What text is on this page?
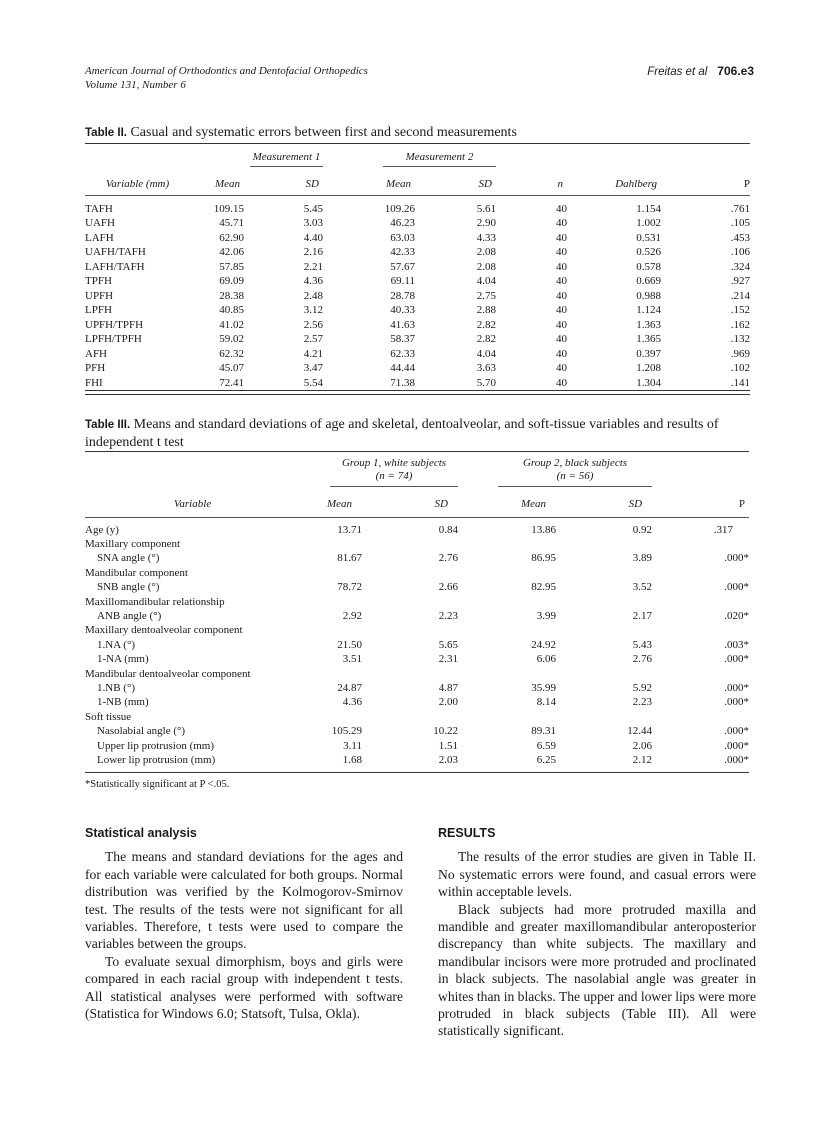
American Journal of Orthodontics and Dentofacial Orthopedics
Volume 131, Number 6
Freitas et al 706.e3
Table II. Casual and systematic errors between first and second measurements

	Measurement 1		Measurement 2				

Variable (mm)	Mean	SD	Mean	SD	n	Dahlberg	P

TAFH	109.15	5.45	109.26	5.61	40	1.154	.761
UAFH	45.71	3.03	46.23	2.90	40	1.002	.105
LAFH	62.90	4.40	63.03	4.33	40	0.531	.453
UAFH/TAFH	42.06	2.16	42.33	2.08	40	0.526	.106
LAFH/TAFH	57.85	2.21	57.67	2.08	40	0.578	.324
TPFH	69.09	4.36	69.11	4.04	40	0.669	.927
UPFH	28.38	2.48	28.78	2.75	40	0.988	.214
LPFH	40.85	3.12	40.33	2.88	40	1.124	.152
UPFH/TPFH	41.02	2.56	41.63	2.82	40	1.363	.162
LPFH/TPFH	59.02	2.57	58.37	2.82	40	1.365	.132
AFH	62.32	4.21	62.33	4.04	40	0.397	.969
PFH	45.07	3.47	44.44	3.63	40	1.208	.102
FHI	72.41	5.54	71.38	5.70	40	1.304	.141

Table III. Means and standard deviations of age and skeletal, dentoalveolar, and soft-tissue variables and results of independent t test

	Group 1, white subjects
(n = 74)		Group 2, black subjects
(n = 56)		

Variable	Mean	SD	Mean	SD	P

Age (y)	13.71	0.84	13.86	0.92	.317
Maxillary component					
SNA angle (°)	81.67	2.76	86.95	3.89	.000*
Mandibular component					
SNB angle (°)	78.72	2.66	82.95	3.52	.000*
Maxillomandibular relationship					
ANB angle (°)	2.92	2.23	3.99	2.17	.020*
Maxillary dentoalveolar component					
1.NA (°)	21.50	5.65	24.92	5.43	.003*
1-NA (mm)	3.51	2.31	6.06	2.76	.000*
Mandibular dentoalveolar component					
1.NB (°)	24.87	4.87	35.99	5.92	.000*
1-NB (mm)	4.36	2.00	8.14	2.23	.000*
Soft tissue					
Nasolabial angle (°)	105.29	10.22	89.31	12.44	.000*
Upper lip protrusion (mm)	3.11	1.51	6.59	2.06	.000*
Lower lip protrusion (mm)	1.68	2.03	6.25	2.12	.000*

*Statistically significant at P <.05.
Statistical analysis

The means and standard deviations for the ages and for each variable were calculated for both groups. Normal distribution was verified by the Kolmogorov-Smirnov test. The results of the tests were not significant for all variables. Therefore, t tests were used to compare the variables between the groups.

To evaluate sexual dimorphism, boys and girls were compared in each racial group with independent t tests. All statistical analyses were performed with software (Statistica for Windows 6.0; Statsoft, Tulsa, Okla).

RESULTS

The results of the error studies are given in Table II. No systematic errors were found, and casual errors were within acceptable levels.

Black subjects had more protruded maxilla and mandible and greater maxillomandibular anteroposterior discrepancy than white subjects. The maxillary and mandibular incisors were more protruded and proclinated in black subjects. The nasolabial angle was greater in whites than in blacks. The upper and lower lips were more protruded in black subjects (Table III). All were statistically significant.
